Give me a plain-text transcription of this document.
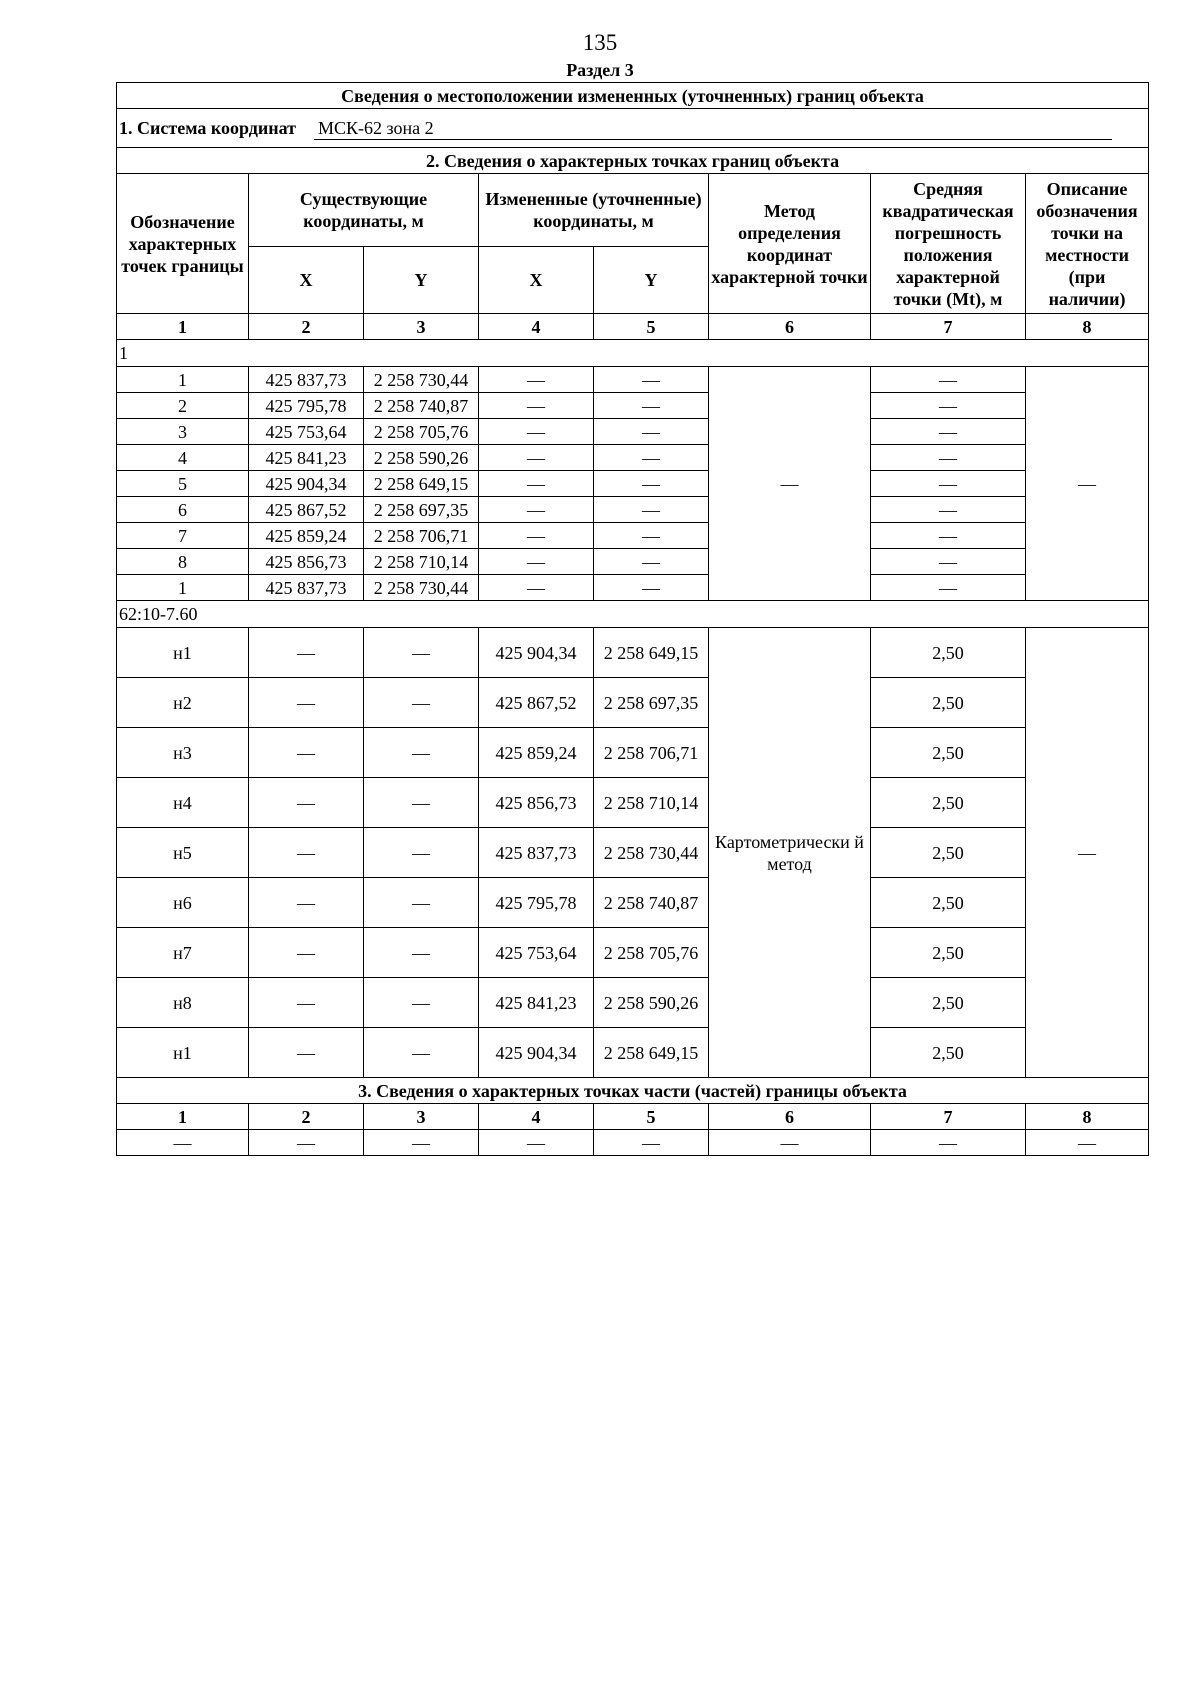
135
Раздел 3
Сведения о местоположении измененных (уточненных) границ объекта							
1. Система координат МСК-62 зона 2							
2. Сведения о характерных точках границ объекта							
Обозначение характерных точек границы	Существующие координаты, м		Измененные (уточненные) координаты, м		Метод определения координат характерной точки	Средняя квадратическая погрешность положения характерной точки (Mt), м	Описание обозначения точки на местности (при наличии)
	X	Y	X	Y			
1	2	3	4	5	6	7	8
1							
1	425 837,73	2 258 730,44	—	—	—	—	—
2	425 795,78	2 258 740,87	—	—		—	
3	425 753,64	2 258 705,76	—	—		—	
4	425 841,23	2 258 590,26	—	—		—	
5	425 904,34	2 258 649,15	—	—		—	
6	425 867,52	2 258 697,35	—	—		—	
7	425 859,24	2 258 706,71	—	—		—	
8	425 856,73	2 258 710,14	—	—		—	
1	425 837,73	2 258 730,44	—	—		—	
62:10-7.60							
н1	—	—	425 904,34	2 258 649,15	Картометрически й метод	2,50	—
н2	—	—	425 867,52	2 258 697,35		2,50	
н3	—	—	425 859,24	2 258 706,71		2,50	
н4	—	—	425 856,73	2 258 710,14		2,50	
н5	—	—	425 837,73	2 258 730,44		2,50	
н6	—	—	425 795,78	2 258 740,87		2,50	
н7	—	—	425 753,64	2 258 705,76		2,50	
н8	—	—	425 841,23	2 258 590,26		2,50	
н1	—	—	425 904,34	2 258 649,15		2,50	
3. Сведения о характерных точках части (частей) границы объекта							
1	2	3	4	5	6	7	8
—	—	—	—	—	—	—	—
